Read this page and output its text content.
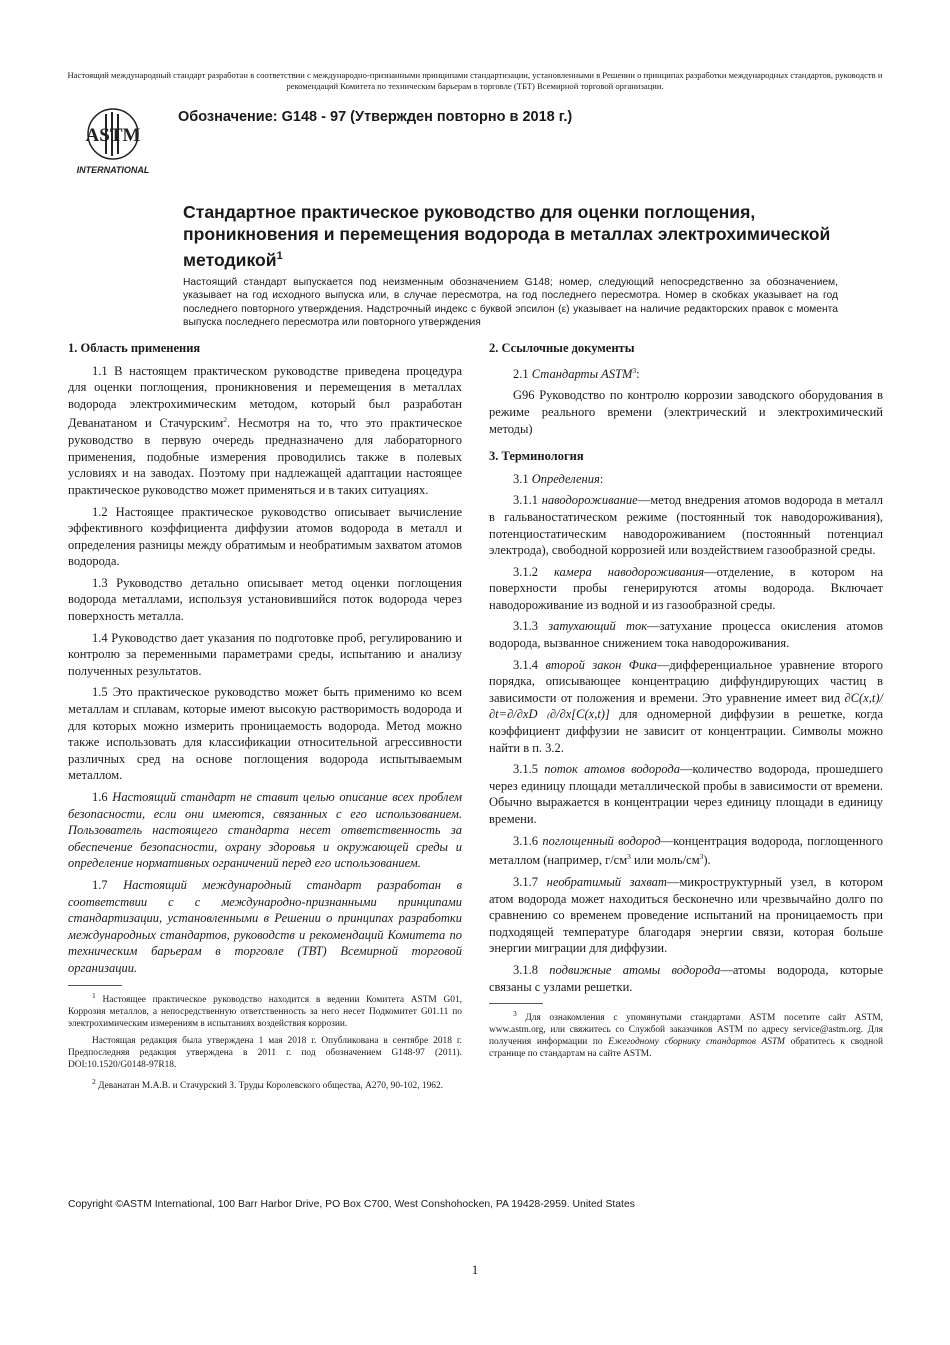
Настоящий международный стандарт разработан в соответствии с международно-признанными принципами стандартизации, установленными в Решении о принципах разработки международных стандартов, руководств и рекомендаций Комитета по техническим барьерам в торговле (ТБТ) Всемирной торговой организации.
ASTM
INTERNATIONAL
Обозначение: G148 - 97 (Утвержден повторно в 2018 г.)
Стандартное практическое руководство для оценки поглощения, проникновения и перемещения водорода в металлах электрохимической методикой$^1$

Настоящий стандарт выпускается под неизменным обозначением G148; номер, следующий непосредственно за обозначением, указывает на год исходного выпуска или, в случае пересмотра, на год последнего пересмотра. Номер в скобках указывает на год последнего повторного утверждения. Надстрочный индекс с буквой эпсилон (ε) указывает на наличие редакторских правок с момента выпуска последнего пересмотра или повторного утверждения

1. Область применения

1.1 В настоящем практическом руководстве приведена процедура для оценки поглощения, проникновения и перемещения в металлах водорода электрохимическим методом, который был разработан Деванатаном и Стачурским$^2$. Несмотря на то, что это практическое руководство в первую очередь предназначено для лабораторного применения, подобные измерения проводились также в полевых условиях и на заводах. Поэтому при надлежащей адаптации настоящее практическое руководство может применяться и в таких ситуациях.

1.2 Настоящее практическое руководство описывает вычисление эффективного коэффициента диффузии атомов водорода в металл и определения разницы между обратимым и необратимым захватом атомов водорода.

1.3 Руководство детально описывает метод оценки поглощения водорода металлами, используя установившийся поток водорода через поверхность металла.

1.4 Руководство дает указания по подготовке проб, регулированию и контролю за переменными параметрами среды, испытанию и анализу полученных результатов.

1.5 Это практическое руководство может быть применимо ко всем металлам и сплавам, которые имеют высокую растворимость водорода и для которых можно измерить проницаемость водорода. Метод можно также использовать для классификации относительной агрессивности различных сред на основе поглощения водорода испытываемым металлом.

1.6 Настоящий стандарт не ставит целью описание всех проблем безопасности, если они имеются, связанных с его использованием. Пользователь настоящего стандарта несет ответственность за обеспечение безопасности, охрану здоровья и окружающей среды и определение нормативных ограничений перед его использованием.

1.7 Настоящий международный стандарт разработан в соответствии с с международно-признанными принципами стандартизации, установленными в Решении о принципах разработки международных стандартов, руководств и рекомендаций Комитета по техническим барьерам в торговле (ТВТ) Всемирной торговой организации.

$^1$ Настоящее практическое руководство находится в ведении Комитета ASTM G01, Коррозия металлов, а непосредственную ответственность за него несет Подкомитет G01.11 по электрохимическим измерениям в испытаниях воздействия коррозии.

Настоящая редакция была утверждена 1 мая 2018 г. Опубликована в сентябре 2018 г. Предпоследняя редакция утверждена в 2011 г. под обозначением G148-97 (2011). DOI:10.1520/G0148-97R18.

$^2$ Деванатан М.А.В. и Стачурский З. Труды Королевского общества, A270, 90-102, 1962.

2. Ссылочные документы

2.1 Стандарты ASTM$^3$:

G96 Руководство по контролю коррозии заводского оборудования в режиме реального времени (электрический и электрохимический методы)

3. Терминология

3.1 Определения:

3.1.1 наводороживание—метод внедрения атомов водорода в металл в гальваностатическом режиме (постоянный ток наводороживания), потенциостатическим наводороживанием (постоянный потенциал электрода), свободной коррозией или воздействием газообразной среды.

3.1.2 камера наводороживания—отделение, в котором на поверхности пробы генерируются атомы водорода. Включает наводороживание из водной и из газообразной среды.

3.1.3 затухающий ток—затухание процесса окисления атомов водорода, вызванное снижением тока наводороживания.

3.1.4 второй закон Фика—дифференциальное уравнение второго порядка, описывающее концентрацию диффундирующих частиц в зависимости от положения и времени. Это уравнение имеет вид ∂C(x,t)/∂t=∂/∂xD ₍∂/∂x[C(x,t)] для одномерной диффузии в решетке, когда коэффициент диффузии не зависит от концентрации. Символы можно найти в п. 3.2.

3.1.5 поток атомов водорода—количество водорода, прошедшего через единицу площади металлической пробы в зависимости от времени. Обычно выражается в концентрации через единицу площади в единицу времени.

3.1.6 поглощенный водород—концентрация водорода, поглощенного металлом (например, $г/см^3$ или моль/$см^3$).

3.1.7 необратимый захват—микроструктурный узел, в котором атом водорода может находиться бесконечно или чрезвычайно долго по сравнению со временем проведение испытаний на проницаемость при подходящей температуре благодаря энергии связи, которая больше энергии миграции для диффузии.

3.1.8 подвижные атомы водорода—атомы водорода, которые связаны с узлами решетки.

$^3$ Для ознакомления с упомянутыми стандартами ASTM посетите сайт ASTM, www.astm.org, или свяжитесь со Службой заказчиков ASTM по адресу service@astm.org. Для получения информации по Ежегодному сборнику стандартов ASTM обратитесь к сводной странице по стандартам на сайте ASTM.

Copyright ©ASTM International, 100 Barr Harbor Drive, PO Box C700, West Conshohocken, PA 19428-2959. United States
1
